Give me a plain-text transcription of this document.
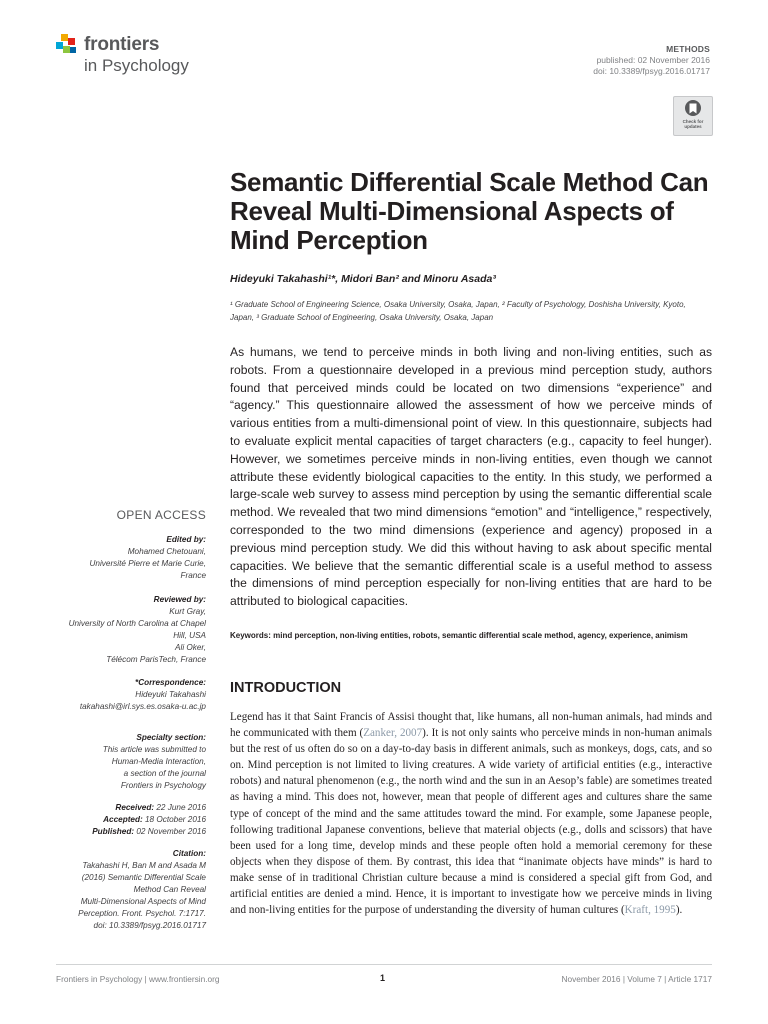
frontiers
in Psychology
METHODS
published: 02 November 2016
doi: 10.3389/fpsyg.2016.01717
Check for updates
Semantic Differential Scale Method Can Reveal Multi-Dimensional Aspects of Mind Perception
Hideyuki Takahashi¹*, Midori Ban² and Minoru Asada³
¹ Graduate School of Engineering Science, Osaka University, Osaka, Japan, ² Faculty of Psychology, Doshisha University, Kyoto, Japan, ³ Graduate School of Engineering, Osaka University, Osaka, Japan
As humans, we tend to perceive minds in both living and non-living entities, such as robots. From a questionnaire developed in a previous mind perception study, authors found that perceived minds could be located on two dimensions “experience” and “agency.” This questionnaire allowed the assessment of how we perceive minds of various entities from a multi-dimensional point of view. In this questionnaire, subjects had to evaluate explicit mental capacities of target characters (e.g., capacity to feel hunger). However, we sometimes perceive minds in non-living entities, even though we cannot attribute these evidently biological capacities to the entity. In this study, we performed a large-scale web survey to assess mind perception by using the semantic differential scale method. We revealed that two mind dimensions “emotion” and “intelligence,” respectively, corresponded to the two mind dimensions (experience and agency) proposed in a previous mind perception study. We did this without having to ask about specific mental capacities. We believe that the semantic differential scale is a useful method to assess the dimensions of mind perception especially for non-living entities that are hard to be attributed to biological capacities.
Keywords: mind perception, non-living entities, robots, semantic differential scale method, agency, experience, animism
INTRODUCTION
Legend has it that Saint Francis of Assisi thought that, like humans, all non-human animals, had minds and he communicated with them (Zanker, 2007). It is not only saints who perceive minds in non-human animals but the rest of us often do so on a day-to-day basis in different animals, such as monkeys, dogs, cats, and so on. Mind perception is not limited to living creatures. A wide variety of artificial entities (e.g., interactive robots) and natural phenomenon (e.g., the north wind and the sun in an Aesop’s fable) are sometimes treated as having a mind. This does not, however, mean that people of different ages and cultures share the same type of concept of the mind and the same attitudes toward the mind. For example, some Japanese people, following traditional Japanese conventions, believe that material objects (e.g., dolls and scissors) that have been used for a long time, develop minds and these people often hold a memorial ceremony for these objects when they dispose of them. By contrast, this idea that “inanimate objects have minds” is hard to make sense of in traditional Christian culture because a mind is considered a special gift from God, and artificial entities are denied a mind. Hence, it is important to investigate how we perceive minds in living and non-living entities for the purpose of understanding the diversity of human cultures (Kraft, 1995).
OPEN ACCESS
Edited by:
Mohamed Chetouani,
Université Pierre et Marie Curie,
France
Reviewed by:
Kurt Gray,
University of North Carolina at Chapel
Hill, USA
Ali Oker,
Télécom ParisTech, France
*Correspondence:
Hideyuki Takahashi
takahashi@irl.sys.es.osaka-u.ac.jp
Specialty section:
This article was submitted to
Human-Media Interaction,
a section of the journal
Frontiers in Psychology
Received: 22 June 2016
Accepted: 18 October 2016
Published: 02 November 2016
Citation:
Takahashi H, Ban M and Asada M
(2016) Semantic Differential Scale
Method Can Reveal
Multi-Dimensional Aspects of Mind
Perception. Front. Psychol. 7:1717.
doi: 10.3389/fpsyg.2016.01717
Frontiers in Psychology | www.frontiersin.org	1	November 2016 | Volume 7 | Article 1717
